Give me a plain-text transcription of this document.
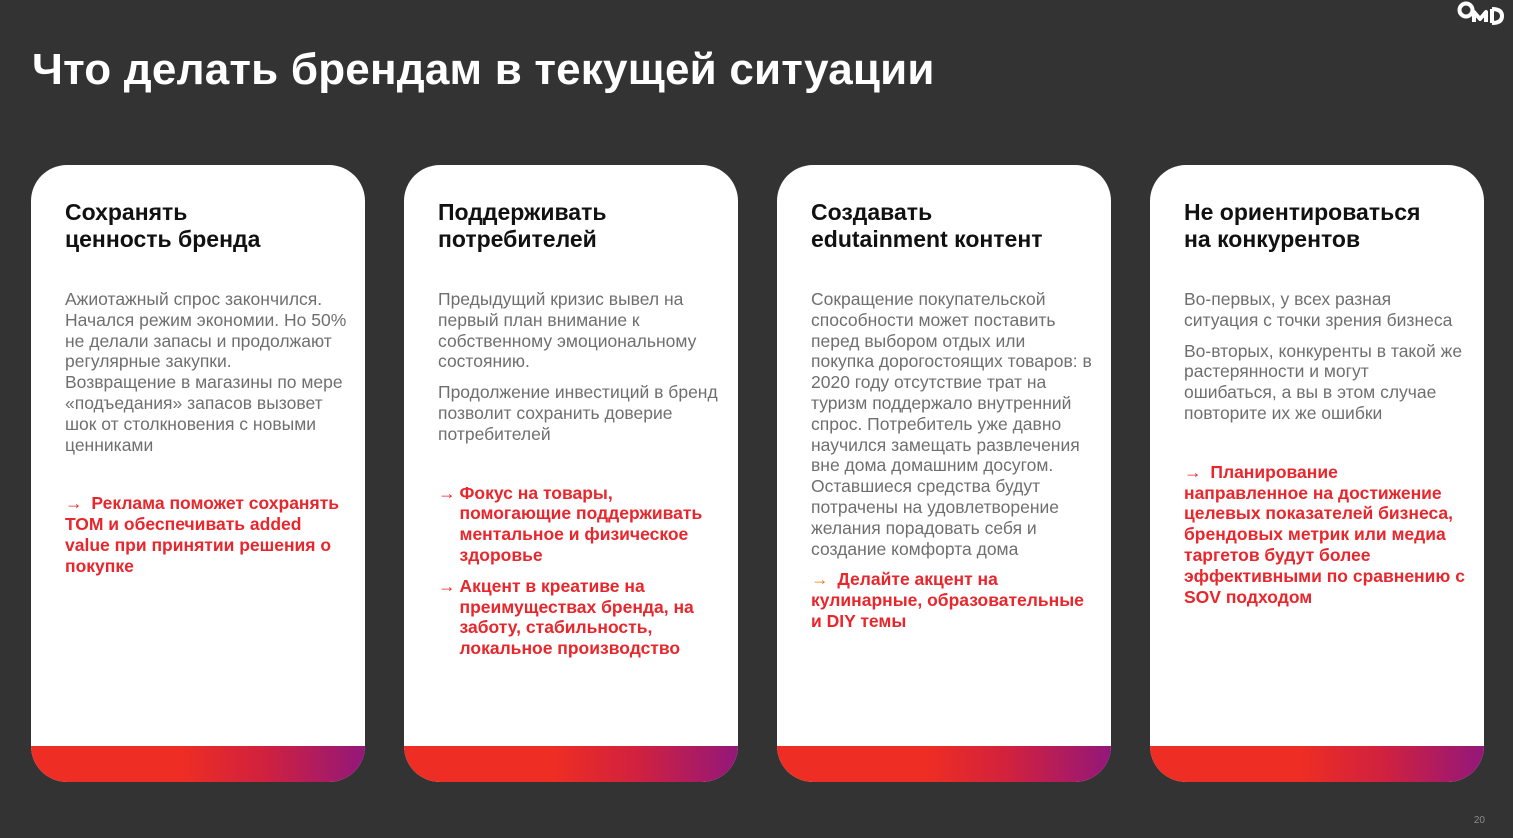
Что делать брендам в текущей ситуации
Сохранять
ценность бренда

Ажиотажный спрос закончился. Начался режим экономии. Но 50% не делали запасы и продолжают регулярные закупки. Возвращение в магазины по мере «подъедания» запасов вызовет шок от столкновения с новыми ценниками

→ Реклама поможет сохранять ТОМ и обеспечивать added value при принятии решения о покупке
Поддерживать
потребителей

Предыдущий кризис вывел на первый план внимание к собственному эмоциональному состоянию.

Продолжение инвестиций в бренд позволит сохранить доверие потребителей

→ Фокус на товары, помогающие поддерживать ментальное и физическое здоровье
→ Акцент в креативе на преимуществах бренда, на заботу, стабильность, локальное производство
Создавать
edutainment контент

Сокращение покупательской способности может поставить перед выбором отдых или покупка дорогостоящих товаров: в 2020 году отсутствие трат на туризм поддержало внутренний спрос. Потребитель уже давно научился замещать развлечения вне дома домашним досугом. Оставшиеся средства будут потрачены на удовлетворение желания порадовать себя и создание комфорта дома

→ Делайте акцент на кулинарные, образовательные и DIY темы
Не ориентироваться
на конкурентов

Во-первых, у всех разная ситуация с точки зрения бизнеса

Во-вторых, конкуренты в такой же растерянности и могут ошибаться, а вы в этом случае повторите их же ошибки

→ Планирование направленное на достижение целевых показателей бизнеса, брендовых метрик или медиа таргетов будут более эффективными по сравнению с SOV подходом
20
